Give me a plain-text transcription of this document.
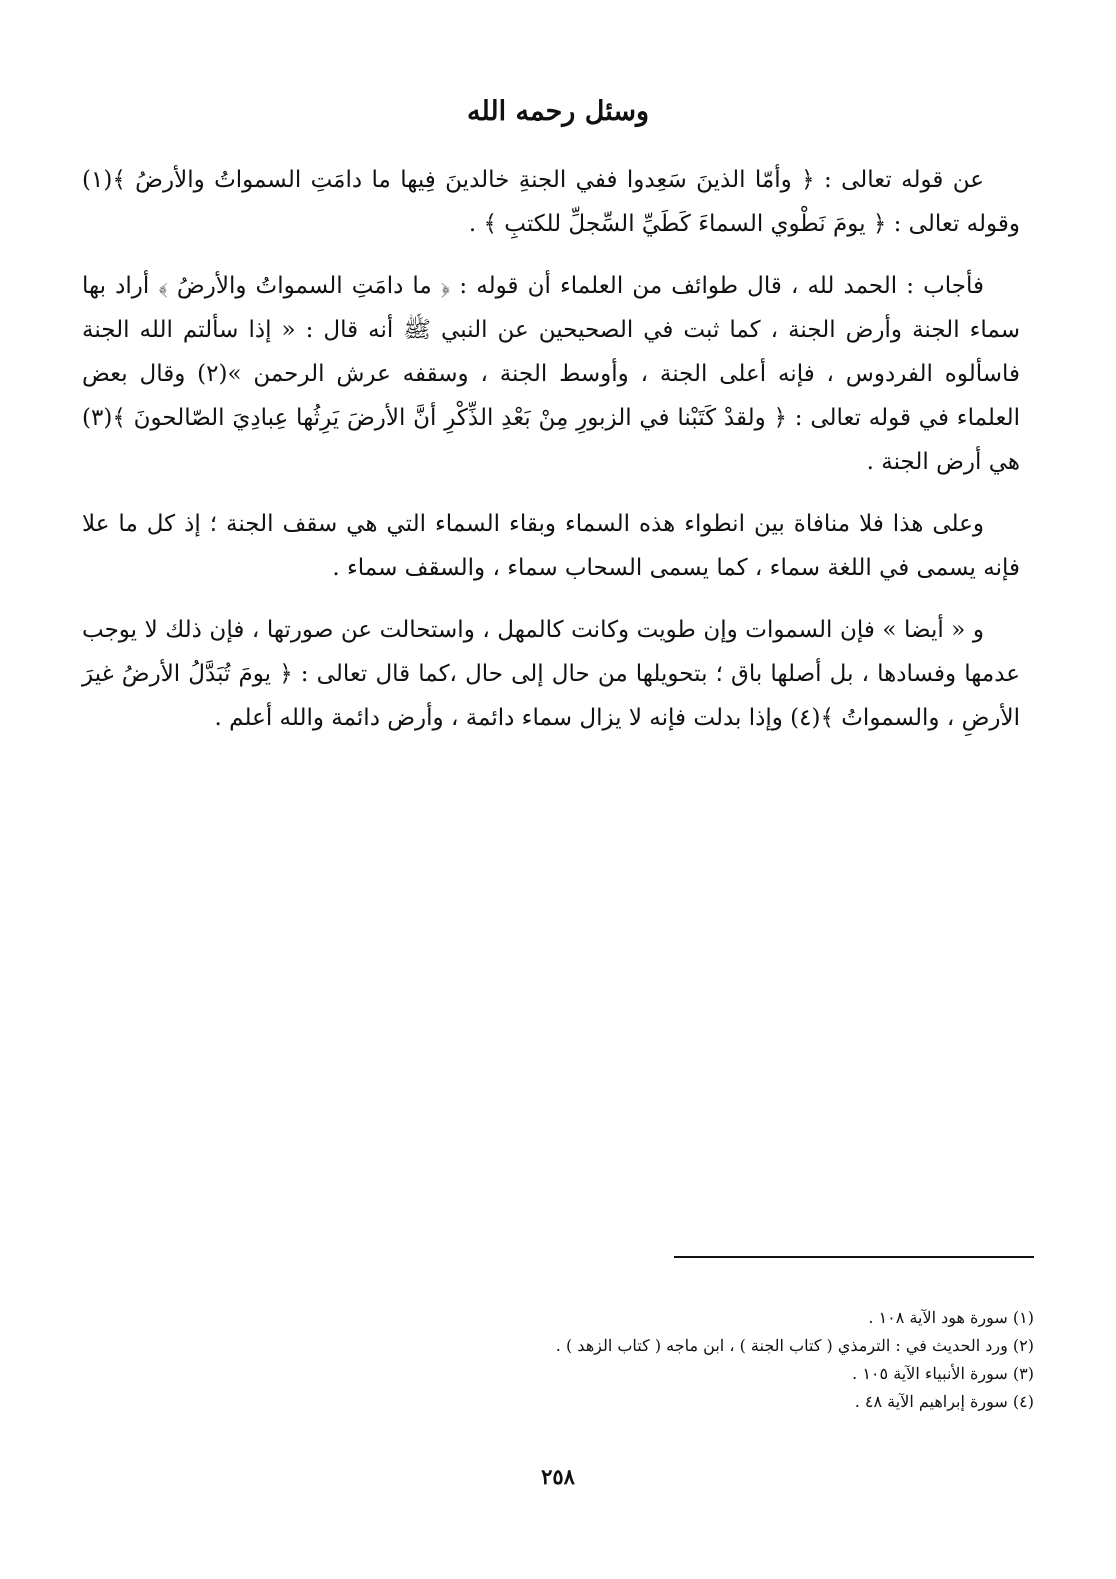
وسئل رحمه الله

عن قوله تعالى : ﴿ وأمّا الذينَ سَعِدوا ففي الجنةِ خالدينَ فِيها ما دامَتِ السمواتُ والأرضُ ﴾(١) وقوله تعالى : ﴿ يومَ نَطْوي السماءَ كَطَيِّ السِّجلِّ للكتبِ ﴾ .

فأجاب : الحمد لله ، قال طوائف من العلماء أن قوله : ﴿ ما دامَتِ السمواتُ والأرضُ ﴾ أراد بها سماء الجنة وأرض الجنة ، كما ثبت في الصحيحين عن النبي ﷺ أنه قال : « إذا سألتم الله الجنة فاسألوه الفردوس ، فإنه أعلى الجنة ، وأوسط الجنة ، وسقفه عرش الرحمن »(٢) وقال بعض العلماء في قوله تعالى : ﴿ ولقدْ كَتَبْنا في الزبورِ مِنْ بَعْدِ الذِّكْرِ أنَّ الأرضَ يَرِثُها عِبادِيَ الصّالحونَ ﴾(٣) هي أرض الجنة .

وعلى هذا فلا منافاة بين انطواء هذه السماء وبقاء السماء التي هي سقف الجنة ؛ إذ كل ما علا فإنه يسمى في اللغة سماء ، كما يسمى السحاب سماء ، والسقف سماء .

و « أيضا » فإن السموات وإن طويت وكانت كالمهل ، واستحالت عن صورتها ، فإن ذلك لا يوجب عدمها وفسادها ، بل أصلها باق ؛ بتحويلها من حال إلى حال ،كما قال تعالى : ﴿ يومَ تُبَدَّلُ الأرضُ غيرَ الأرضِ ، والسمواتُ ﴾(٤) وإذا بدلت فإنه لا يزال سماء دائمة ، وأرض دائمة والله أعلم .

(١) سورة هود الآية ١٠٨ .
(٢) ورد الحديث في : الترمذي ( كتاب الجنة ) ، ابن ماجه ( كتاب الزهد ) .
(٣) سورة الأنبياء الآية ١٠٥ .
(٤) سورة إبراهيم الآية ٤٨ .
٢٥٨
